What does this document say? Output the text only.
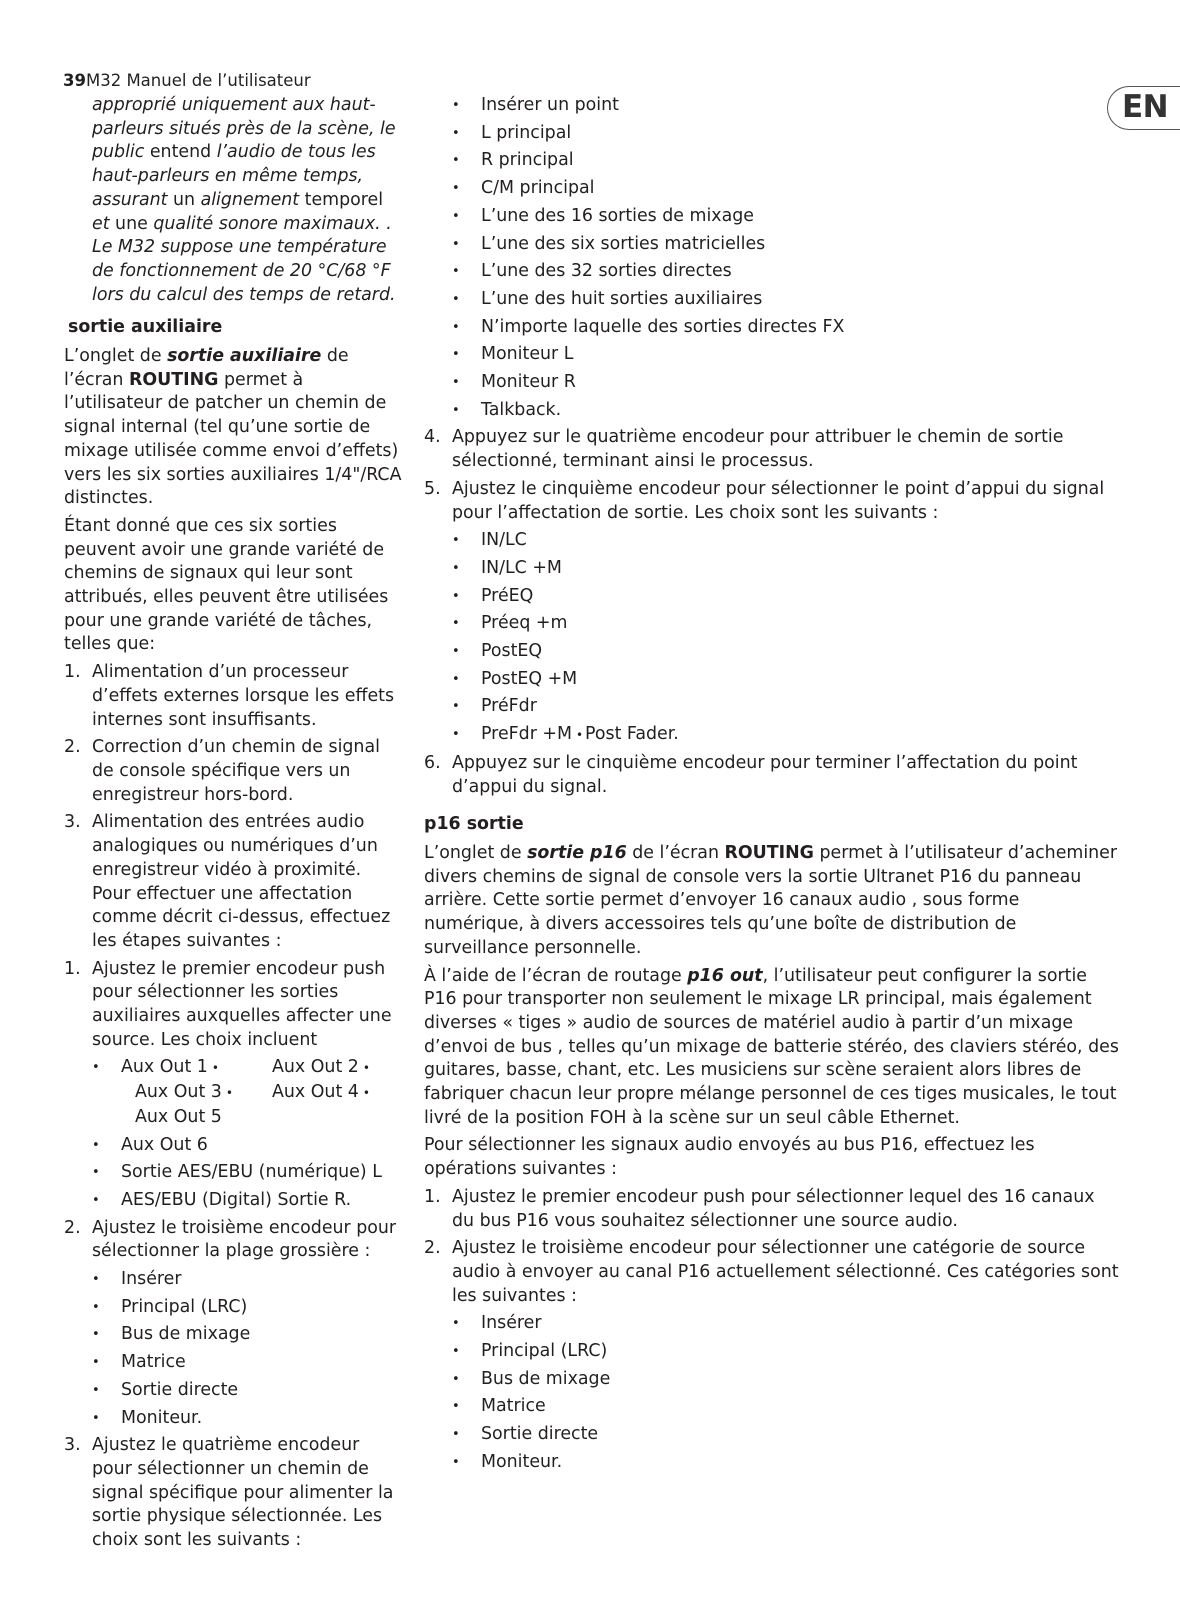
39M32 Manuel de l’utilisateur
EN
approprié uniquement aux haut-
parleurs situés près de la scène, le
public entend l’audio de tous les
haut-parleurs en même temps,
assurant un alignement temporel
et une qualité sonore maximaux. .
Le M32 suppose une température
de fonctionnement de 20 °C/68 °F
lors du calcul des temps de retard.
sortie auxiliaire

L’onglet de sortie auxiliaire de l’écran ROUTING permet à l’utilisateur de patcher un chemin de signal internal (tel qu’une sortie de mixage utilisée comme envoi d’effets) vers les six sorties auxiliaires 1/4"/RCA distinctes.

Étant donné que ces six sorties peuvent avoir une grande variété de chemins de signaux qui leur sont attribués, elles peuvent être utilisées pour une grande variété de tâches, telles que:

1. Alimentation d’un processeur d’effets externes lorsque les effets internes sont insuffisants.
2. Correction d’un chemin de signal de console spécifique vers un enregistreur hors-bord.
3. Alimentation des entrées audio analogiques ou numériques d’un enregistreur vidéo à proximité. Pour effectuer une affectation comme décrit ci-dessus, effectuez les étapes suivantes :
1. Ajustez le premier encodeur push pour sélectionner les sorties auxiliaires auxquelles affecter une source. Les choix incluent
• Aux Out 1 •	Aux Out 2 •
Aux Out 3 •	Aux Out 4 •
Aux Out 5
• Aux Out 6
• Sortie AES/EBU (numérique) L
• AES/EBU (Digital) Sortie R.
2. Ajustez le troisième encodeur pour sélectionner la plage grossière :
• Insérer
• Principal (LRC)
• Bus de mixage
• Matrice
• Sortie directe
• Moniteur.
3. Ajustez le quatrième encodeur pour sélectionner un chemin de signal spécifique pour alimenter la sortie physique sélectionnée. Les choix sont les suivants :
• Insérer un point
• L principal
• R principal
• C/M principal
• L’une des 16 sorties de mixage
• L’une des six sorties matricielles
• L’une des 32 sorties directes
• L’une des huit sorties auxiliaires
• N’importe laquelle des sorties directes FX
• Moniteur L
• Moniteur R
• Talkback.
4. Appuyez sur le quatrième encodeur pour attribuer le chemin de sortie sélectionné, terminant ainsi le processus.
5. Ajustez le cinquième encodeur pour sélectionner le point d’appui du signal pour l’affectation de sortie. Les choix sont les suivants :
• IN/LC
• IN/LC +M
• PréEQ
• Préeq +m
• PostEQ
• PostEQ +M
• PréFdr
• PreFdr +M • Post Fader.
6. Appuyez sur le cinquième encodeur pour terminer l’affectation du point d’appui du signal.
p16 sortie

L’onglet de sortie p16 de l’écran ROUTING permet à l’utilisateur d’acheminer divers chemins de signal de console vers la sortie Ultranet P16 du panneau arrière. Cette sortie permet d’envoyer 16 canaux audio , sous forme numérique, à divers accessoires tels qu’une boîte de distribution de surveillance personnelle.

À l’aide de l’écran de routage p16 out, l’utilisateur peut configurer la sortie P16 pour transporter non seulement le mixage LR principal, mais également diverses « tiges » audio de sources de matériel audio à partir d’un mixage d’envoi de bus , telles qu’un mixage de batterie stéréo, des claviers stéréo, des guitares, basse, chant, etc. Les musiciens sur scène seraient alors libres de fabriquer chacun leur propre mélange personnel de ces tiges musicales, le tout livré de la position FOH à la scène sur un seul câble Ethernet.

Pour sélectionner les signaux audio envoyés au bus P16, effectuez les opérations suivantes :

1. Ajustez le premier encodeur push pour sélectionner lequel des 16 canaux du bus P16 vous souhaitez sélectionner une source audio.
2. Ajustez le troisième encodeur pour sélectionner une catégorie de source audio à envoyer au canal P16 actuellement sélectionné. Ces catégories sont les suivantes :
• Insérer
• Principal (LRC)
• Bus de mixage
• Matrice
• Sortie directe
• Moniteur.
